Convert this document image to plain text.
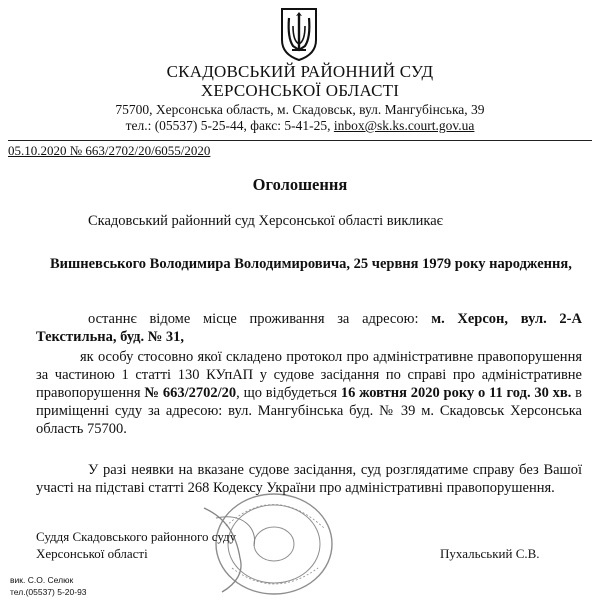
СКАДОВСЬКИЙ РАЙОННИЙ СУД
ХЕРСОНСЬКОЇ ОБЛАСТІ
75700, Херсонська область, м. Скадовськ, вул. Мангубінська, 39
тел.: (05537) 5-25-44, факс: 5-41-25, inbox@sk.ks.court.gov.ua
05.10.2020 № 663/2702/20/6055/2020
Оголошення
Скадовський районний суд Херсонської області викликає
Вишневського Володимира Володимировича, 25 червня 1979 року народження,
останнє відоме місце проживання за адресою: м. Херсон, вул. 2-А Текстильна, буд. № 31,
як особу стосовно якої складено протокол про адміністративне правопорушення за частиною 1 статті 130 КУпАП у судове засідання по справі про адміністративне правопорушення № 663/2702/20, що відбудеться 16 жовтня 2020 року о 11 год. 30 хв. в приміщенні суду за адресою: вул. Мангубінська буд. № 39 м. Скадовськ Херсонська область 75700.
У разі неявки на вказане судове засідання, суд розглядатиме справу без Вашої участі на підставі статті 268 Кодексу України про адміністративні правопорушення.
Суддя Скадовського районного суду
Херсонської області	Пухальський С.В.
вик. С.О. Селюк
тел.(05537) 5-20-93
